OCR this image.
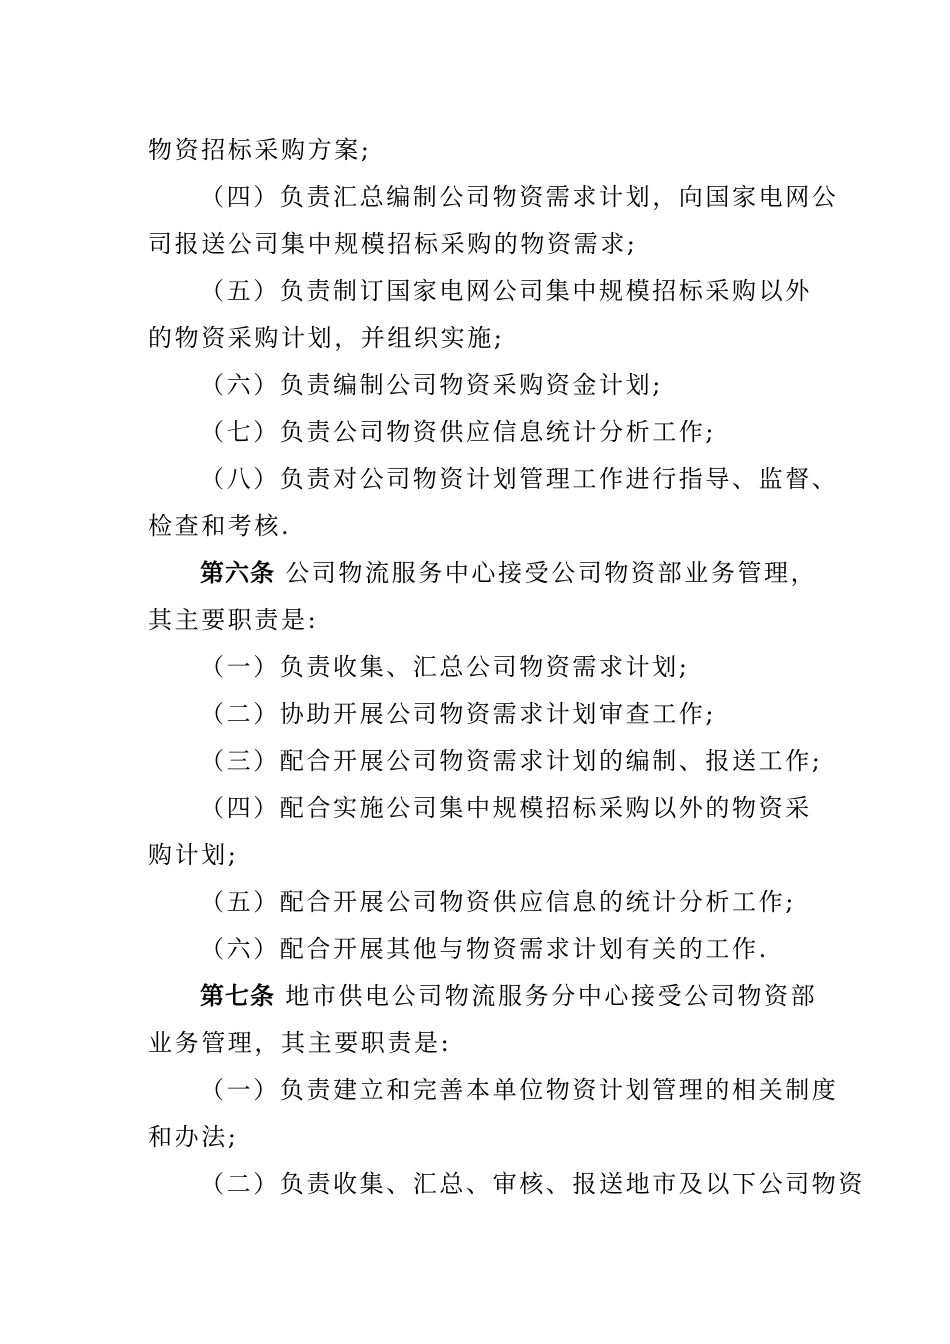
物资招标采购方案;
（四）负责汇总编制公司物资需求计划，向国家电网公
司报送公司集中规模招标采购的物资需求;
（五）负责制订国家电网公司集中规模招标采购以外
的物资采购计划，并组织实施;
（六）负责编制公司物资采购资金计划;
（七）负责公司物资供应信息统计分析工作;
（八）负责对公司物资计划管理工作进行指导、监督、
检查和考核.
第六条 公司物流服务中心接受公司物资部业务管理，
其主要职责是:
（一）负责收集、汇总公司物资需求计划;
（二）协助开展公司物资需求计划审查工作;
（三）配合开展公司物资需求计划的编制、报送工作;
（四）配合实施公司集中规模招标采购以外的物资采
购计划;
（五）配合开展公司物资供应信息的统计分析工作;
（六）配合开展其他与物资需求计划有关的工作.
第七条 地市供电公司物流服务分中心接受公司物资部
业务管理，其主要职责是:
（一）负责建立和完善本单位物资计划管理的相关制度
和办法;
（二）负责收集、汇总、审核、报送地市及以下公司物资
